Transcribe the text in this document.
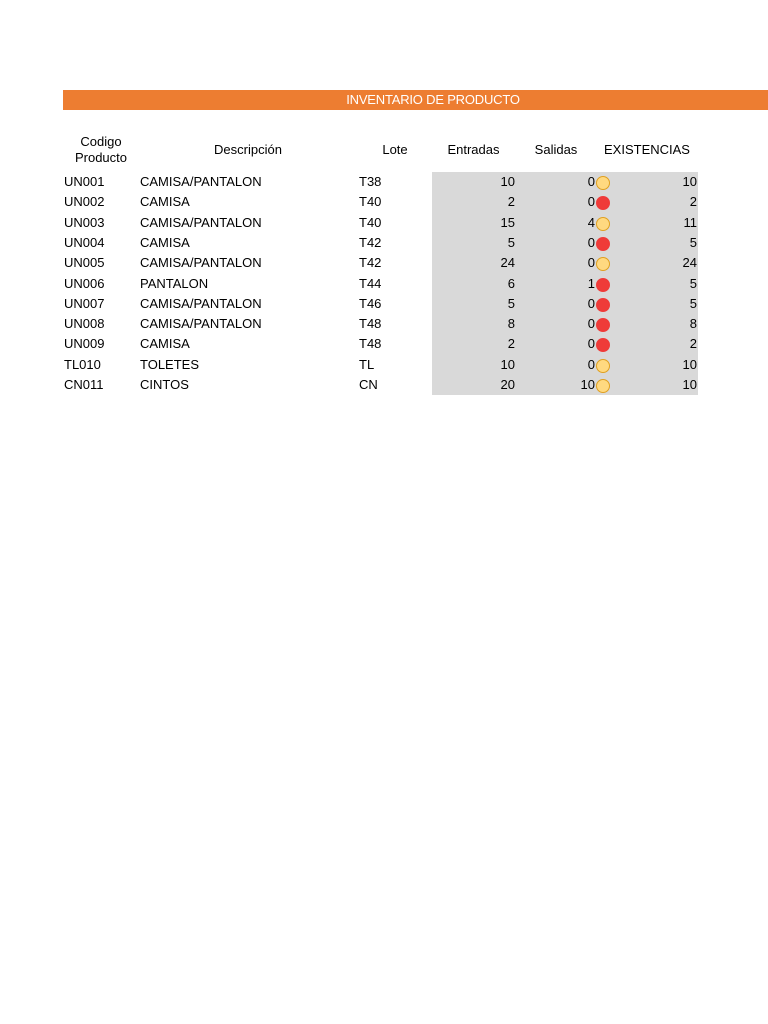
INVENTARIO DE PRODUCTO
Codigo
Producto
Descripción	Lote	Entradas	Salidas	EXISTENCIAS
UN001	CAMISA/PANTALON	T38	10	0	10
UN002	CAMISA	T40	2	0	2
UN003	CAMISA/PANTALON	T40	15	4	11
UN004	CAMISA	T42	5	0	5
UN005	CAMISA/PANTALON	T42	24	0	24
UN006	PANTALON	T44	6	1	5
UN007	CAMISA/PANTALON	T46	5	0	5
UN008	CAMISA/PANTALON	T48	8	0	8
UN009	CAMISA	T48	2	0	2
TL010	TOLETES	TL	10	0	10
CN011	CINTOS	CN	20	10	10
